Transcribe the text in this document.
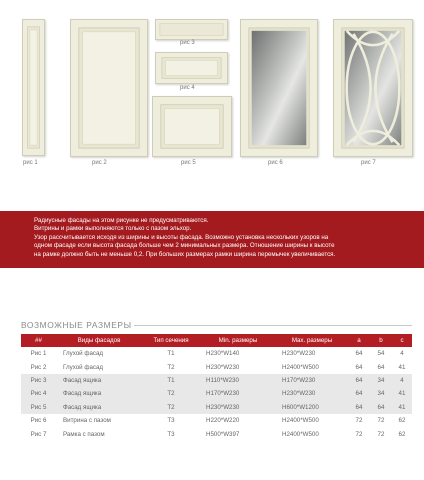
рис 1	рис 2
рис 3
рис 4
рис 5	рис 6	рис 7

Радиусные фасады на этом рисунке не предусматриваются.

Витрины и рамки выполняются только с пазом эльхор.

Узор рассчитывается исходя из ширины и высоты фасада. Возможно установка нескольких узоров на

одном фасаде если высота фасада больше чем 2 минимальных размера. Отношение ширины к высоте

на рамке должно быть не меньше 0,2. При больших размерах рамки ширина перемычек увеличивается.

ВОЗМОЖНЫЕ РАЗМЕРЫ
##	Виды фасадов	Тип сечения	Min. размеры	Max. размеры	a	b	c
Рис 1	Глухой фасад	T1	H230*W140	H230*W230	64	54	4
Рис 2	Глухой фасад	T2	H230*W230	H2400*W500	64	64	41
Рис 3	Фасад ящика	T1	H110*W230	H170*W230	64	34	4
Рис 4	Фасад ящика	T2	H170*W230	H230*W230	64	34	41
Рис 5	Фасад ящика	T2	H230*W230	H600*W1200	64	64	41
Рис 6	Витрина с пазом	T3	H220*W220	H2400*W500	72	72	62
Рис 7	Рамка с пазом	T3	H500*W397	H2400*W500	72	72	62
